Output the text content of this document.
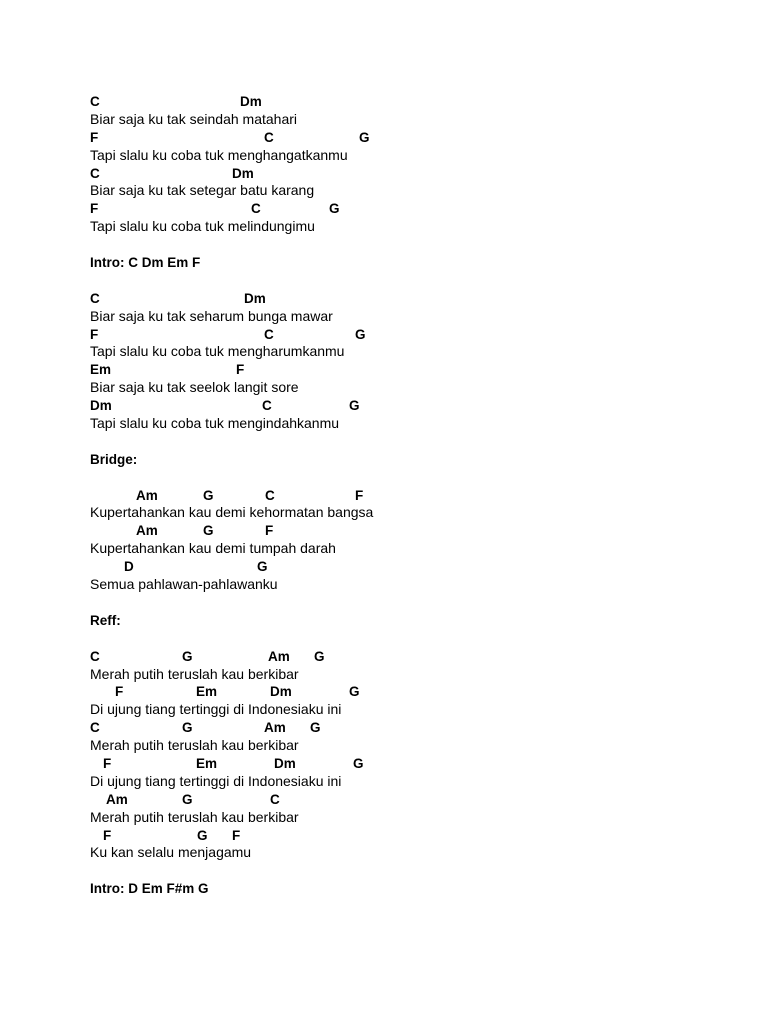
C	Dm
Biar saja ku tak seindah matahari
F	C	G
Tapi slalu ku coba tuk menghangatkanmu
C	Dm
Biar saja ku tak setegar batu karang
F	C	G
Tapi slalu ku coba tuk melindungimu
Intro: C Dm Em F
C	Dm
Biar saja ku tak seharum bunga mawar
F	C	G
Tapi slalu ku coba tuk mengharumkanmu
Em	F
Biar saja ku tak seelok langit sore
Dm	C	G
Tapi slalu ku coba tuk mengindahkanmu
Bridge:
Am	G	C	F
Kupertahankan kau demi kehormatan bangsa
Am	G	F
Kupertahankan kau demi tumpah darah
D	G
Semua pahlawan-pahlawanku
Reff:
C	G	Am G
Merah putih teruslah kau berkibar
F	Em	Dm	G
Di ujung tiang tertinggi di Indonesiaku ini
C	G	Am G
Merah putih teruslah kau berkibar
F	Em	Dm	G
Di ujung tiang tertinggi di Indonesiaku ini
Am	G	C
Merah putih teruslah kau berkibar
F	G F
Ku kan selalu menjagamu
Intro: D Em F#m G
